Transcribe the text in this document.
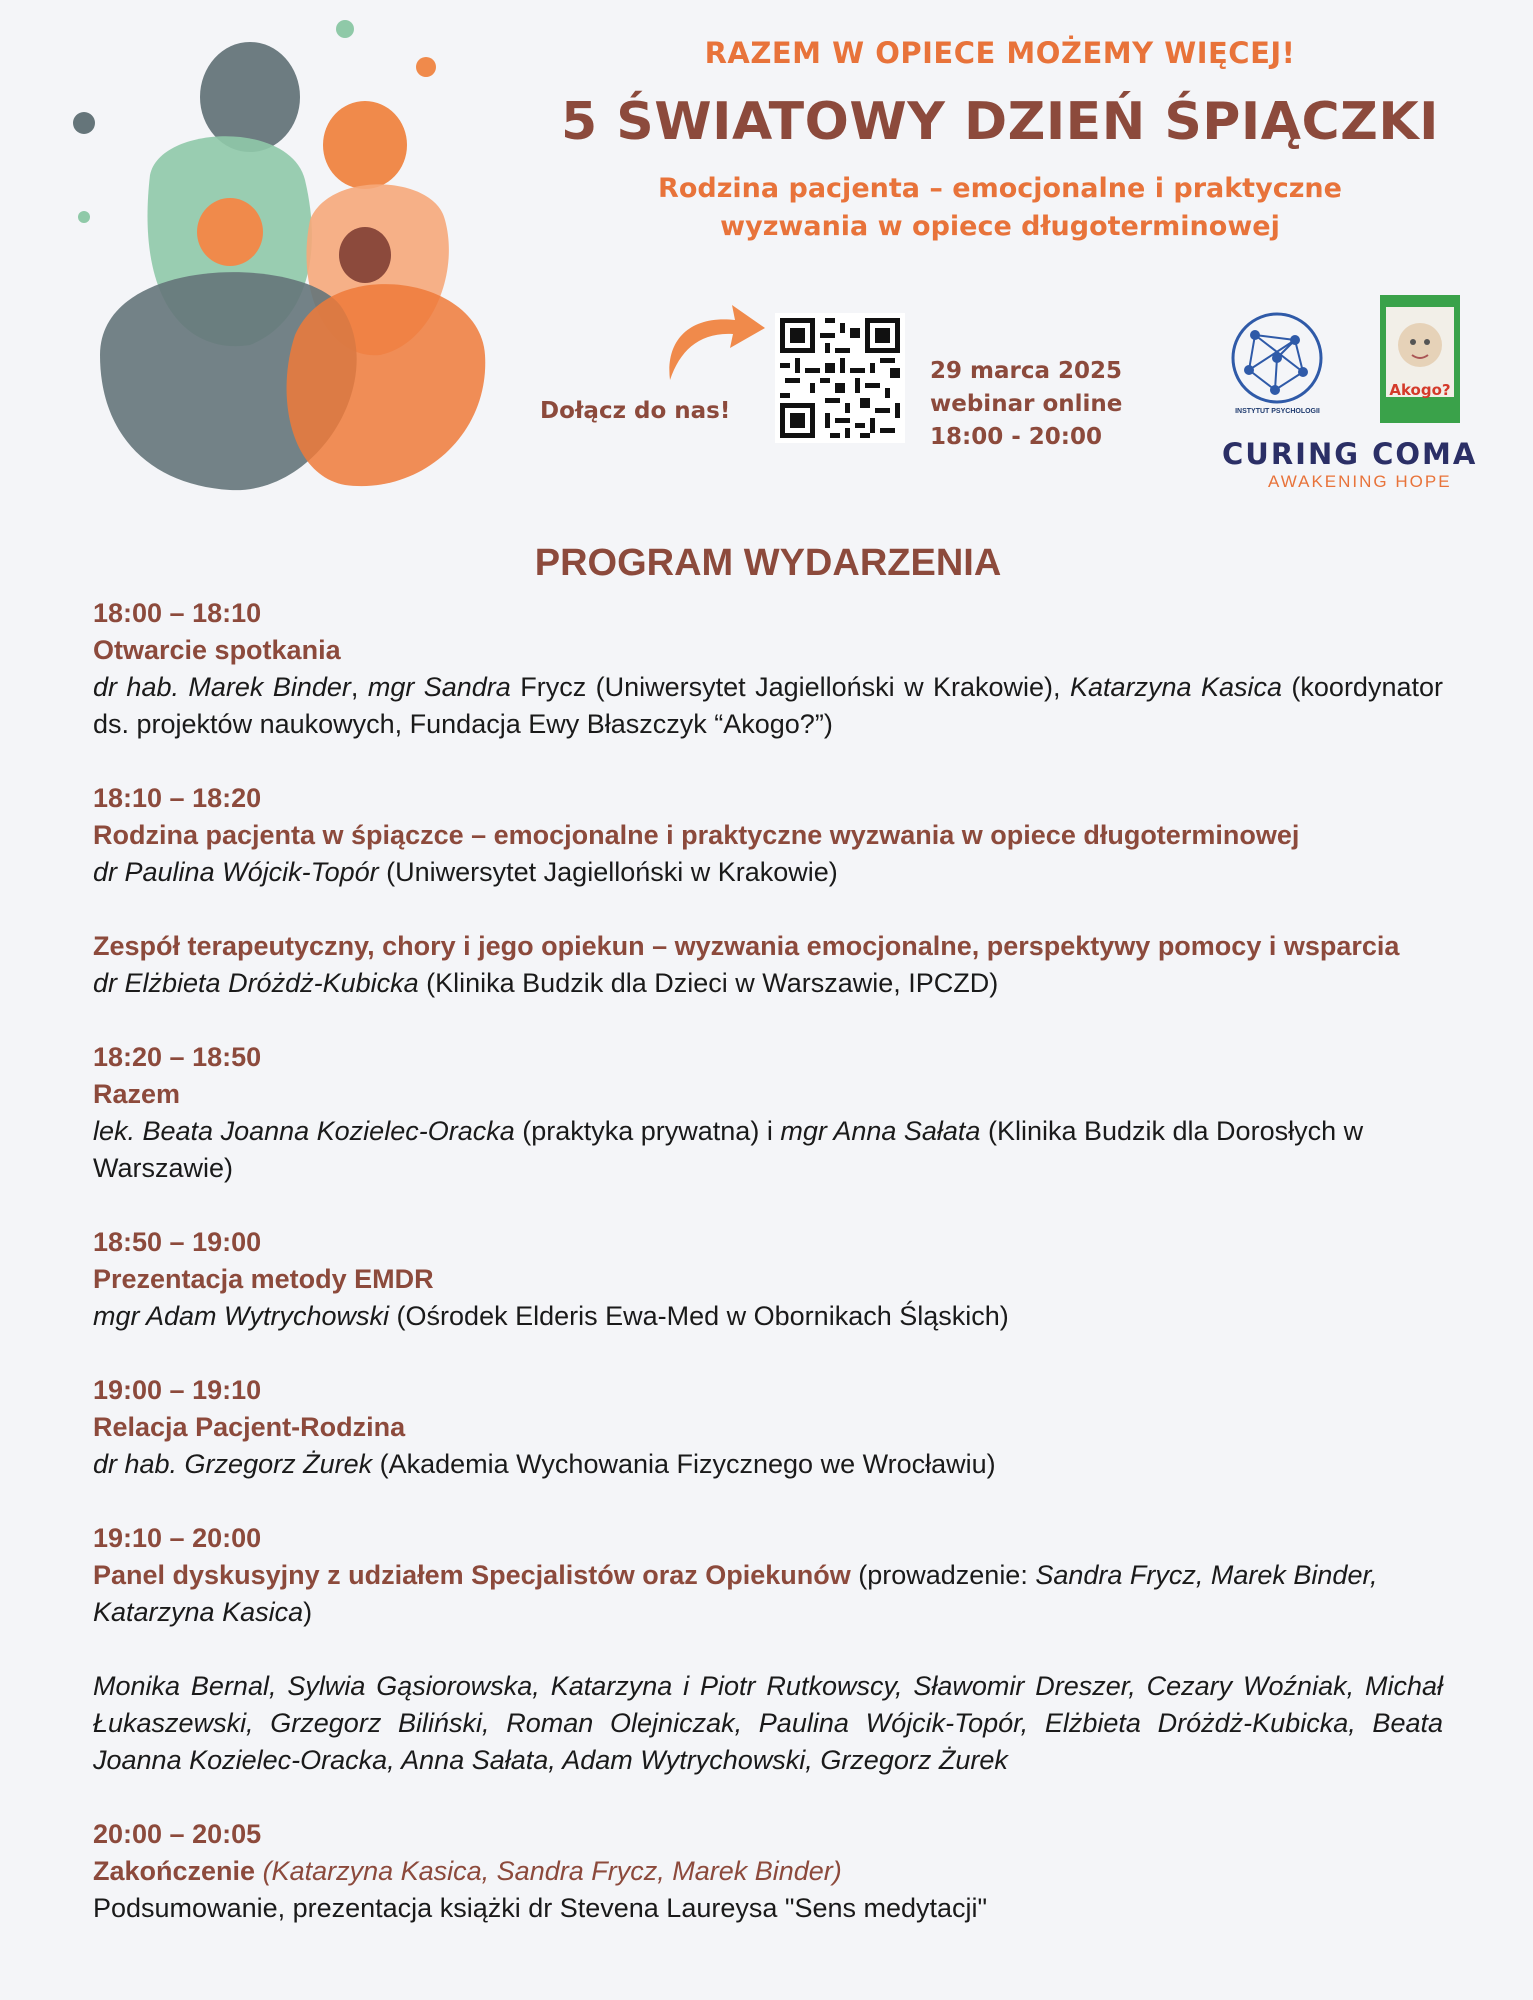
RAZEM W OPIECE MOŻEMY WIĘCEJ!
5 ŚWIATOWY DZIEŃ ŚPIĄCZKI
Rodzina pacjenta – emocjonalne i praktyczne
wyzwania w opiece długoterminowej
Dołącz do nas!
29 marca 2025
webinar online
18:00 - 20:00
INSTYTUT PSYCHOLOGII
Akogo?
CURING COMA
AWAKENING HOPE
PROGRAM WYDARZENIA
18:00 – 18:10
Otwarcie spotkania
dr hab. Marek Binder, mgr Sandra Frycz (Uniwersytet Jagielloński w Krakowie), Katarzyna Kasica (koordynator ds. projektów naukowych, Fundacja Ewy Błaszczyk “Akogo?”)
18:10 – 18:20
Rodzina pacjenta w śpiączce – emocjonalne i praktyczne wyzwania w opiece długoterminowej
dr Paulina Wójcik-Topór (Uniwersytet Jagielloński w Krakowie)
Zespół terapeutyczny, chory i jego opiekun – wyzwania emocjonalne, perspektywy pomocy i wsparcia
dr Elżbieta Dróżdż-Kubicka (Klinika Budzik dla Dzieci w Warszawie, IPCZD)
18:20 – 18:50
Razem
lek. Beata Joanna Kozielec-Oracka (praktyka prywatna) i mgr Anna Sałata (Klinika Budzik dla Dorosłych w Warszawie)
18:50 – 19:00
Prezentacja metody EMDR
mgr Adam Wytrychowski (Ośrodek Elderis Ewa-Med w Obornikach Śląskich)
19:00 – 19:10
Relacja Pacjent-Rodzina
dr hab. Grzegorz Żurek (Akademia Wychowania Fizycznego we Wrocławiu)
19:10 – 20:00
Panel dyskusyjny z udziałem Specjalistów oraz Opiekunów (prowadzenie: Sandra Frycz, Marek Binder, Katarzyna Kasica)
Monika Bernal, Sylwia Gąsiorowska, Katarzyna i Piotr Rutkowscy, Sławomir Dreszer, Cezary Woźniak, Michał Łukaszewski, Grzegorz Biliński, Roman Olejniczak, Paulina Wójcik-Topór, Elżbieta Dróżdż-Kubicka, Beata Joanna Kozielec-Oracka, Anna Sałata, Adam Wytrychowski, Grzegorz Żurek
20:00 – 20:05
Zakończenie (Katarzyna Kasica, Sandra Frycz, Marek Binder)
Podsumowanie, prezentacja książki dr Stevena Laureysa "Sens medytacji"
